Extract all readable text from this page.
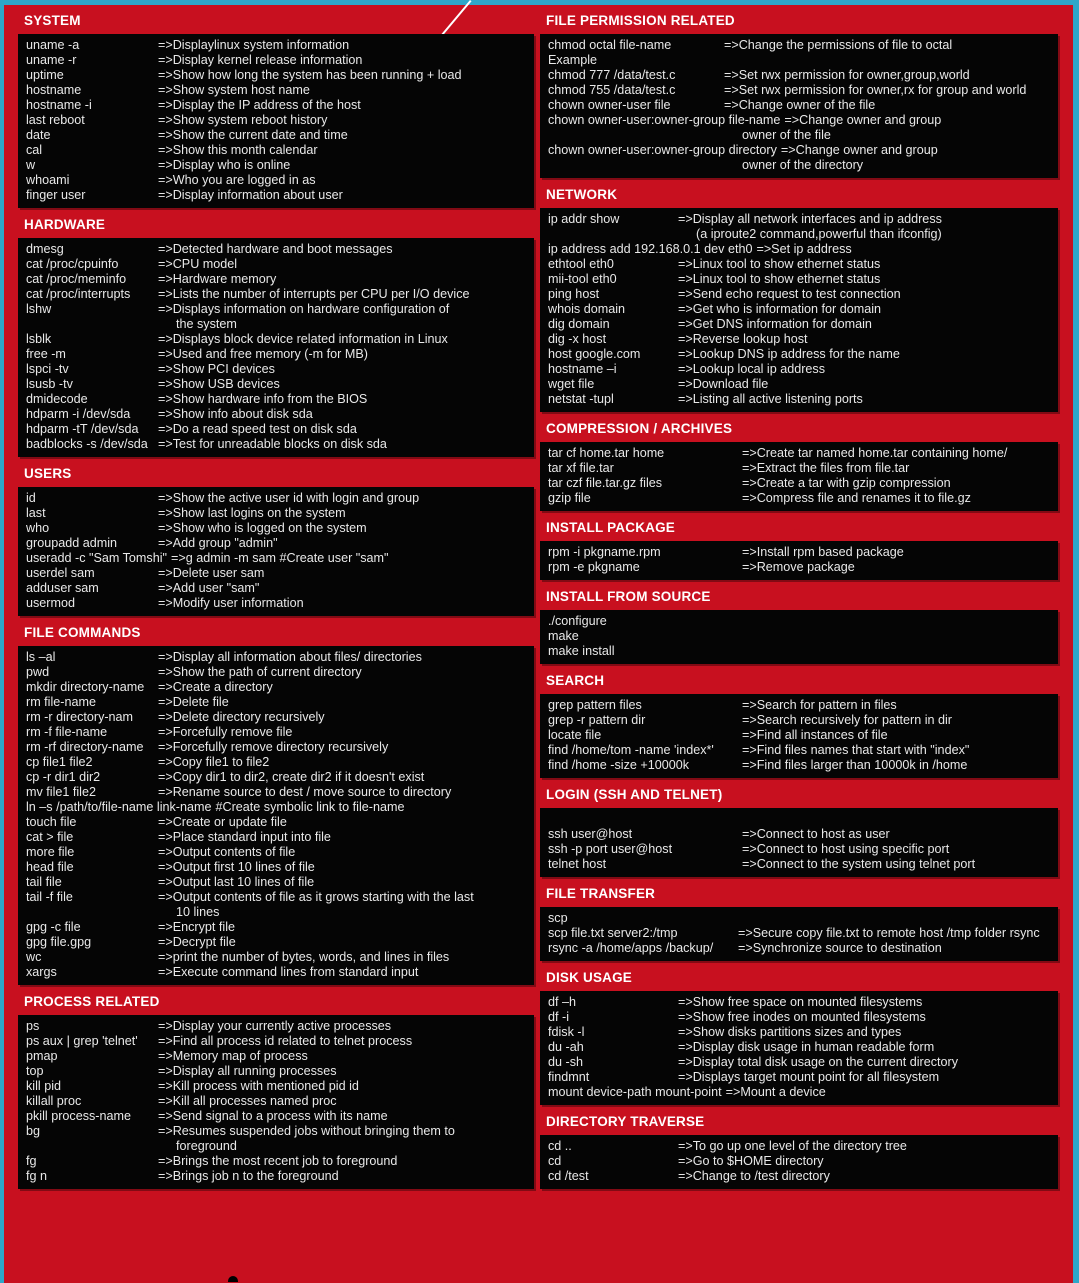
SYSTEM
uname -a	=>Displaylinux system information
uname -r	=>Display kernel release information
uptime	=>Show how long the system has been running + load
hostname	=>Show system host name
hostname -i	=>Display the IP address of the host
last reboot	=>Show system reboot history
date	=>Show the current date and time
cal	=>Show this month calendar
w	=>Display who is online
whoami	=>Who you are logged in as
finger user	=>Display information about user
HARDWARE
dmesg	=>Detected hardware and boot messages
cat /proc/cpuinfo	=>CPU model
cat /proc/meminfo	=>Hardware memory
cat /proc/interrupts	=>Lists the number of interrupts per CPU per I/O device
lshw	=>Displays information on hardware configuration of
the system
lsblk	=>Displays block device related information in Linux
free -m	=>Used and free memory (-m for MB)
lspci -tv	=>Show PCI devices
lsusb -tv	=>Show USB devices
dmidecode	=>Show hardware info from the BIOS
hdparm -i /dev/sda	=>Show info about disk sda
hdparm -tT /dev/sda	=>Do a read speed test on disk sda
badblocks -s /dev/sda =>Test for unreadable blocks on disk sda
USERS
id	=>Show the active user id with login and group
last	=>Show last logins on the system
who	=>Show who is logged on the system
groupadd admin	=>Add group "admin"
useradd -c "Sam Tomshi" =>g admin -m sam #Create user "sam"
userdel sam	=>Delete user sam
adduser sam	=>Add user "sam"
usermod	=>Modify user information
FILE COMMANDS
ls –al	=>Display all information about files/ directories
pwd	=>Show the path of current directory
mkdir directory-name	=>Create a directory
rm file-name	=>Delete file
rm -r directory-nam	=>Delete directory recursively
rm -f file-name	=>Forcefully remove file
rm -rf directory-name	=>Forcefully remove directory recursively
cp file1 file2	=>Copy file1 to file2
cp -r dir1 dir2	=>Copy dir1 to dir2, create dir2 if it doesn't exist
mv file1 file2	=>Rename source to dest / move source to directory
ln –s /path/to/file-name link-name #Create symbolic link to file-name
touch file	=>Create or update file
cat > file	=>Place standard input into file
more file	=>Output contents of file
head file	=>Output first 10 lines of file
tail file	=>Output last 10 lines of file
tail -f file	=>Output contents of file as it grows starting with the last
10 lines
gpg -c file	=>Encrypt file
gpg file.gpg	=>Decrypt file
wc	=>print the number of bytes, words, and lines in files
xargs	=>Execute command lines from standard input
PROCESS RELATED
ps	=>Display your currently active processes
ps aux | grep 'telnet'	=>Find all process id related to telnet process
pmap	=>Memory map of process
top	=>Display all running processes
kill pid	=>Kill process with mentioned pid id
killall proc	=>Kill all processes named proc
pkill process-name	=>Send signal to a process with its name
bg	=>Resumes suspended jobs without bringing them to
foreground
fg	=>Brings the most recent job to foreground
fg n	=>Brings job n to the foreground
FILE PERMISSION RELATED
chmod octal file-name	=>Change the permissions of file to octal
Example
chmod 777 /data/test.c	=>Set rwx permission for owner,group,world
chmod 755 /data/test.c	=>Set rwx permission for owner,rx for group and world
chown owner-user file	=>Change owner of the file
chown owner-user:owner-group file-name =>Change owner and group
owner of the file
chown owner-user:owner-group directory =>Change owner and group
owner of the directory
NETWORK
ip addr show	=>Display all network interfaces and ip address
(a iproute2 command,powerful than ifconfig)
ip address add 192.168.0.1 dev eth0 =>Set ip address
ethtool eth0	=>Linux tool to show ethernet status
mii-tool eth0	=>Linux tool to show ethernet status
ping host	=>Send echo request to test connection
whois domain	=>Get who is information for domain
dig domain	=>Get DNS information for domain
dig -x host	=>Reverse lookup host
host google.com	=>Lookup DNS ip address for the name
hostname –i	=>Lookup local ip address
wget file	=>Download file
netstat -tupl	=>Listing all active listening ports
COMPRESSION / ARCHIVES
tar cf home.tar home	=>Create tar named home.tar containing home/
tar xf file.tar	=>Extract the files from file.tar
tar czf file.tar.gz files	=>Create a tar with gzip compression
gzip file	=>Compress file and renames it to file.gz
INSTALL PACKAGE
rpm -i pkgname.rpm	=>Install rpm based package
rpm -e pkgname	=>Remove package
INSTALL FROM SOURCE
./configure
make
make install
SEARCH
grep pattern files	=>Search for pattern in files
grep -r pattern dir	=>Search recursively for pattern in dir
locate file	=>Find all instances of file
find /home/tom -name 'index*'	=>Find files names that start with "index"
find /home -size +10000k	=>Find files larger than 10000k in /home
LOGIN (SSH AND TELNET)
ssh user@host	=>Connect to host as user
ssh -p port user@host	=>Connect to host using specific port
telnet host	=>Connect to the system using telnet port
FILE TRANSFER
scp
scp file.txt server2:/tmp	=>Secure copy file.txt to remote host /tmp folder rsync
rsync -a /home/apps /backup/	=>Synchronize source to destination
DISK USAGE
df –h	=>Show free space on mounted filesystems
df -i	=>Show free inodes on mounted filesystems
fdisk -l	=>Show disks partitions sizes and types
du -ah	=>Display disk usage in human readable form
du -sh	=>Display total disk usage on the current directory
findmnt	=>Displays target mount point for all filesystem
mount device-path mount-point =>Mount a device
DIRECTORY TRAVERSE
cd ..	=>To go up one level of the directory tree
cd	=>Go to $HOME directory
cd /test	=>Change to /test directory
